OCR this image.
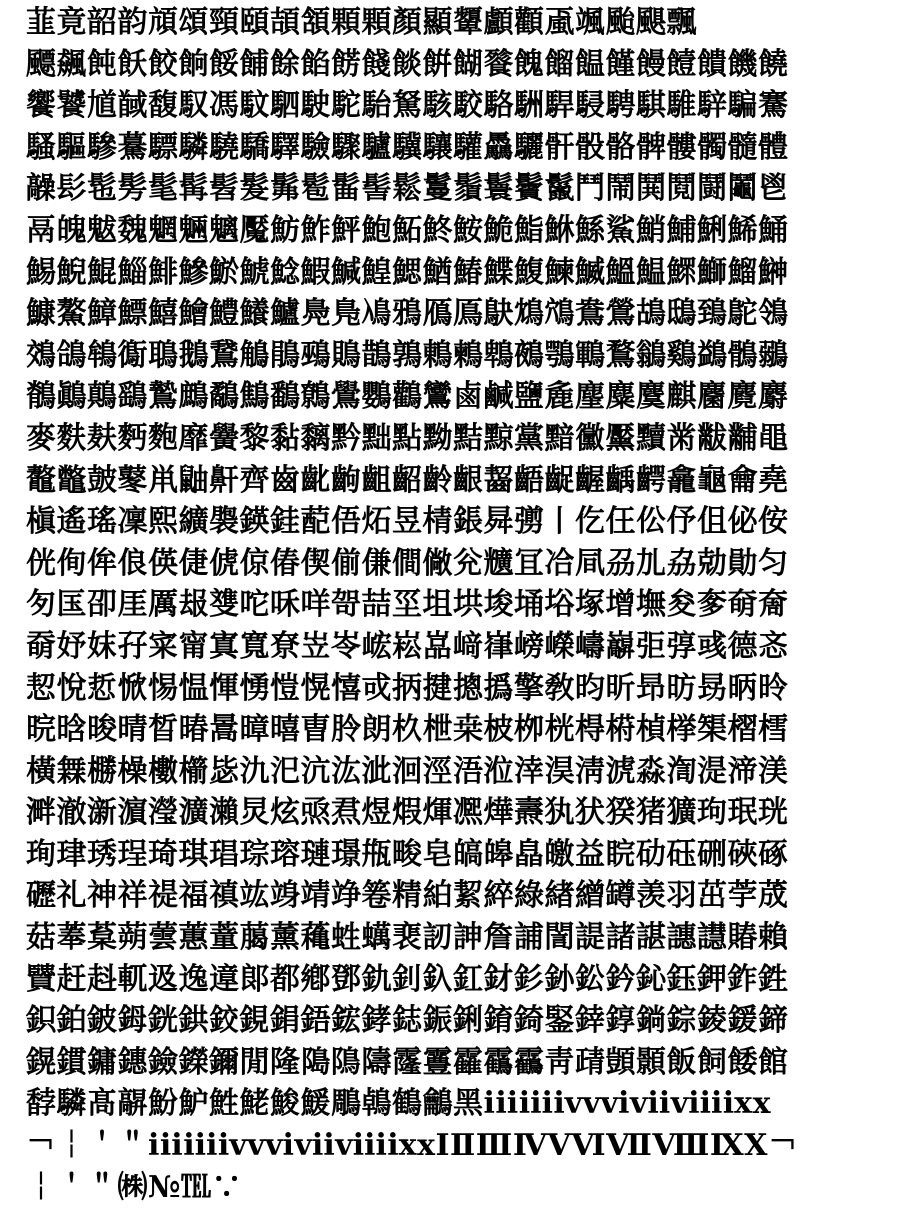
韮竟韶韵頏頌頸頤頡頷顆顆顏顯顰顱顴颪颯颱颶飄
飃飆飩飫餃餉餒餔餘餡餝餞餤餠餬餮餽餾饂饉饅饐饋饑饒
饗饕馗馘馥馭馮馼駟駛駝駘駑駭駮駱駲駻駸騁騏騅騂騙騫
騷驅驂驀驃驎驍驕驛驗驟驢驥驤驩驫驪骭骰骼髀髏髑髓體
髞髟髢髣髦髯髫髮髴髱髷髻鬆鬘鬚鬟鬢鬣鬥鬧鬨鬩鬪鬮鬯
鬲魄魃魏魍魎魑魘魴鮓鮃鮑鮖鮗鮟鮠鮨鮴鯀鯊鮹鯆鯏鯑鯒
鯣鯢鯤鯔鯡鰺鯲鯱鯰鰕鰔鰉鰓鰌鰆鰈鰒鰊鰄鰮鰛鰥鰤鰡鰰
鱇鰲鱆鰾鱚鱠鱧鱶鱸鳧鳬鳰鴉鴈鳫鴃鴆鴪鴦鶯鴣鴟鵄鴕鴒
鵁鴿鴾鵆鵈鵝鵞鵤鵑鵐鵙鵲鶉鶇鶫鵯鵺鶚鶤鶩鶲鷄鷁鶻鶸
鶺鷆鷏鷂鷙鷓鷸鷦鷭鷯鷽鸚鸛鸞鹵鹹鹽麁麈麋麌麒麕麑麝
麥麩麸麪麭靡黌黎黏黐黔黜點黝黠黥黨黯黴黶黷黹黻黼黽
鼇鼈皷鼕鼡鼬鼾齊齒齔齣齟齠齡齦齧齬齪齷齲齶龕龜龠堯
槇遙瑤凜熙纊褜鍈銈蓜俉炻昱棈鋹曻彅丨仡仼伀伃伹佖侒
侊侚侔俍偀倢俿倞偆偰偂傔僴僘兊兤冝冾凬刕劜劦勀勛匀
匇匤卲厓厲叝﨎咜咊咩哿喆坙坥垬埈埇﨏塚增墲夋奓奛奝
奣妤妺孖寀甯寘寬尞岦岺峵崧嵓﨑嵂嵭嶸嶹巐弡弴彧德忞
恝悅悊惞惕愠惲愑愷愰憘戓抦揵摠撝擎敎昀昕昻昉昮昞昤
晥晗晙晴晳暙暠暲暿曺朎朗杦枻桒柀栁桄棏﨓楨﨔榘槢樰
橫橆橳橾櫢櫤毖氿汜沆汯泚洄涇浯涖涬淏淸淲淼渹湜渧渼
溿澈澵濵瀅瀇瀨炅炫焏焄煜煆煇凞燁燾犱犾猤猪獷玽珉珖
珣珒琇珵琦琪琩琮瑢璉璟甁畯皂皜皞皛皦益睆劯砡硎硤硺
礰礼神祥禔福禛竑竧靖竫箞精絈絜綷綠緖繒罇羡羽茁荢荿
菇菶葈蒴蕓蕙蕫﨟薰蘒﨡蠇裵訒訷詹誧誾諟諸諶譓譿賰賴
贒赶﨣軏﨤逸遧郞都鄕鄧釚釗釞釭釮釤釥鈆鈐鈊鈺鉀鈼鉎
鉙鉑鈹鉧銧鉷鉸鋧鋗鋙鋐﨧鋕鋠鋓錥錡鋻﨨錞鋿錝錂鍰鍗
鎤鏆鏞鏸鐱鑅鑈閒隆﨩隝隯霳霻靃靍靏靑靕顗顥飯飼餧館
馞驎髙髜魵魲鮏鮱鮻鰀鵰鵫鶴鸙黑ⅰⅱⅲⅳⅴⅵⅶⅷⅸⅹ
￢￤＇＂ⅰⅱⅲⅳⅴⅵⅶⅷⅸⅹⅠⅡⅢⅣⅤⅥⅦⅧⅨⅩ￢
￤＇＂㈱№℡∵
